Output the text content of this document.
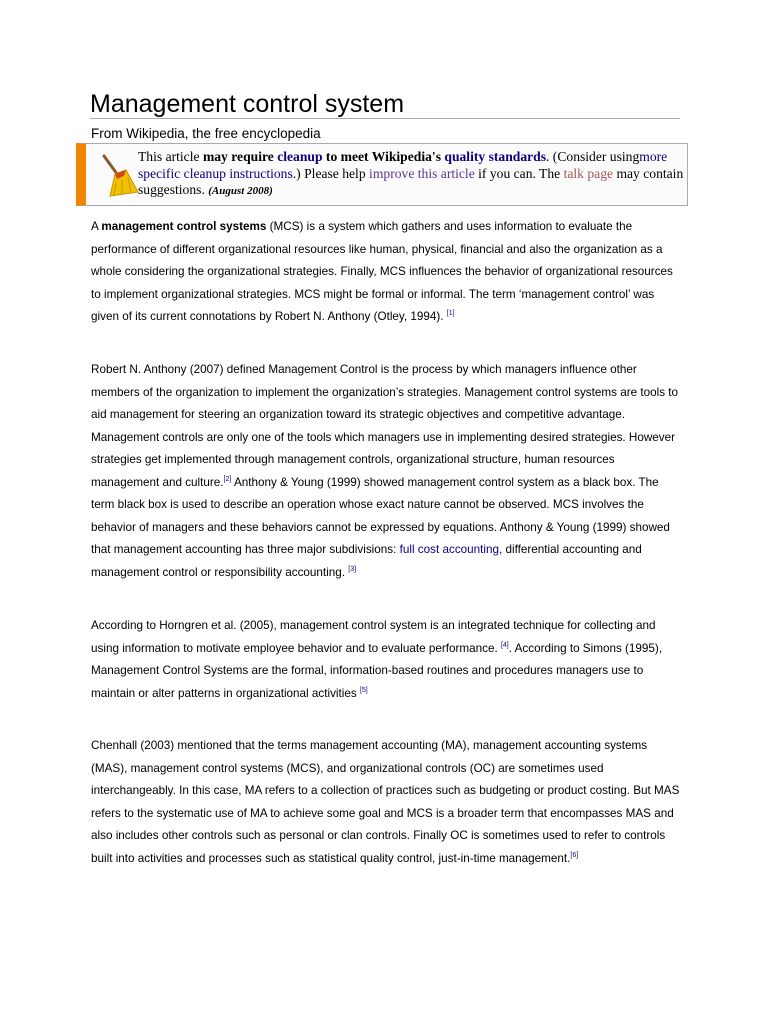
Management control system
From Wikipedia, the free encyclopedia
This article may require cleanup to meet Wikipedia's quality standards. (Consider usingmore specific cleanup instructions.) Please help improve this article if you can. The talk page may contain suggestions. (August 2008)
A management control systems (MCS) is a system which gathers and uses information to evaluate the performance of different organizational resources like human, physical, financial and also the organization as a whole considering the organizational strategies. Finally, MCS influences the behavior of organizational resources to implement organizational strategies. MCS might be formal or informal. The term ‘management control’ was given of its current connotations by Robert N. Anthony (Otley, 1994). [1]
Robert N. Anthony (2007) defined Management Control is the process by which managers influence other members of the organization to implement the organization’s strategies. Management control systems are tools to aid management for steering an organization toward its strategic objectives and competitive advantage. Management controls are only one of the tools which managers use in implementing desired strategies. However strategies get implemented through management controls, organizational structure, human resources management and culture.[2] Anthony & Young (1999) showed management control system as a black box. The term black box is used to describe an operation whose exact nature cannot be observed. MCS involves the behavior of managers and these behaviors cannot be expressed by equations. Anthony & Young (1999) showed that management accounting has three major subdivisions: full cost accounting, differential accounting and management control or responsibility accounting. [3]
According to Horngren et al. (2005), management control system is an integrated technique for collecting and using information to motivate employee behavior and to evaluate performance. [4]. According to Simons (1995), Management Control Systems are the formal, information-based routines and procedures managers use to maintain or alter patterns in organizational activities [5]
Chenhall (2003) mentioned that the terms management accounting (MA), management accounting systems (MAS), management control systems (MCS), and organizational controls (OC) are sometimes used interchangeably. In this case, MA refers to a collection of practices such as budgeting or product costing. But MAS refers to the systematic use of MA to achieve some goal and MCS is a broader term that encompasses MAS and also includes other controls such as personal or clan controls. Finally OC is sometimes used to refer to controls built into activities and processes such as statistical quality control, just-in-time management.[6]
